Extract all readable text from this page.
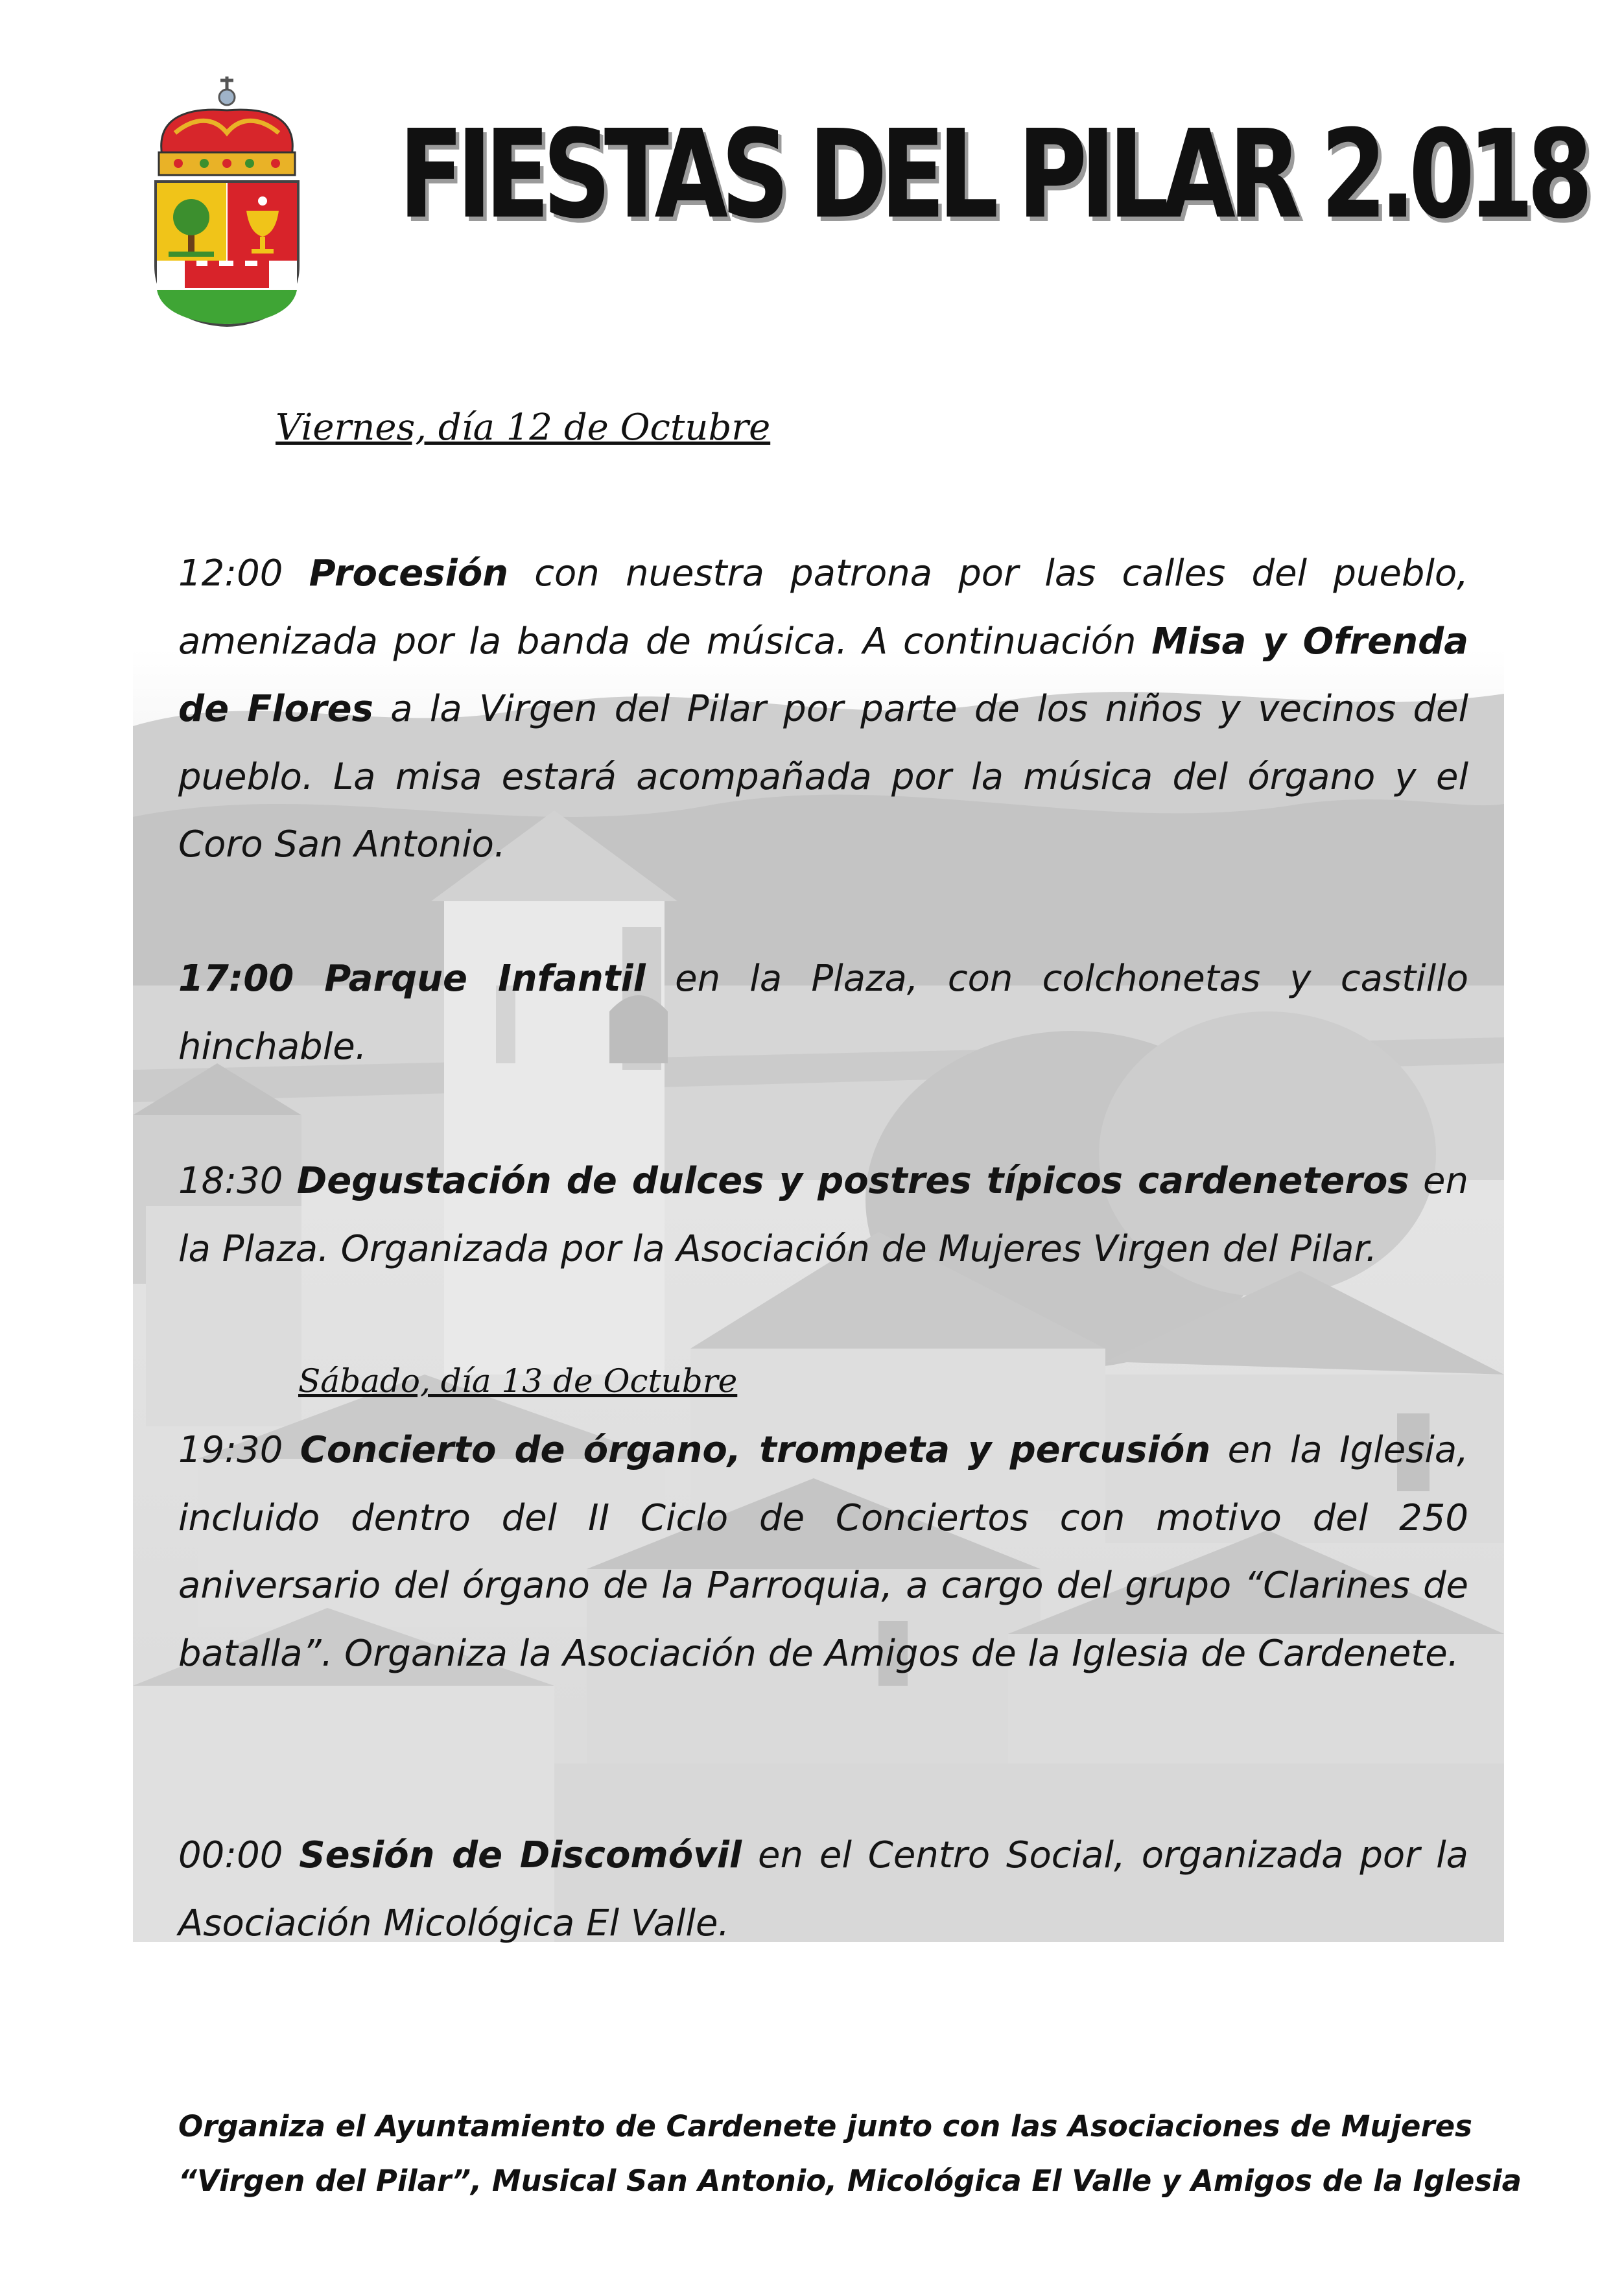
FIESTAS DEL PILAR 2.018
Viernes, día 12 de Octubre

12:00 Procesión con nuestra patrona por las calles del pueblo, amenizada por la banda de música. A continuación Misa y Ofrenda de Flores a la Virgen del Pilar por parte de los niños y vecinos del pueblo. La misa estará acompañada por la música del órgano y el Coro San Antonio.

17:00 Parque Infantil en la Plaza, con colchonetas y castillo hinchable.

18:30 Degustación de dulces y postres típicos cardeneteros en la Plaza. Organizada por la Asociación de Mujeres Virgen del Pilar.

Sábado, día 13 de Octubre

19:30 Concierto de órgano, trompeta y percusión en la Iglesia, incluido dentro del II Ciclo de Conciertos con motivo del 250 aniversario del órgano de la Parroquia, a cargo del grupo “Clarines de batalla”. Organiza la Asociación de Amigos de la Iglesia de Cardenete.

00:00 Sesión de Discomóvil en el Centro Social, organizada por la Asociación Micológica El Valle.

Organiza el Ayuntamiento de Cardenete junto con las Asociaciones de Mujeres “Virgen del Pilar”, Musical San Antonio, Micológica El Valle y Amigos de la Iglesia
